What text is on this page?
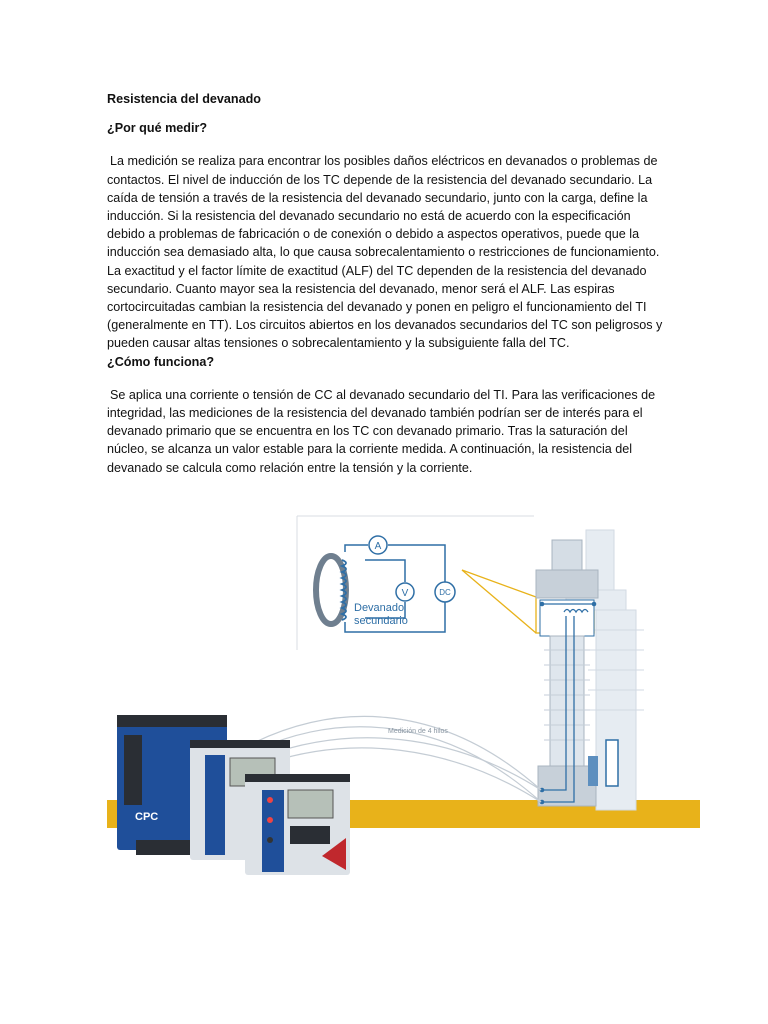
Resistencia del devanado

¿Por qué medir?

La medición se realiza para encontrar los posibles daños eléctricos en devanados o problemas de contactos. El nivel de inducción de los TC depende de la resistencia del devanado secundario. La caída de tensión a través de la resistencia del devanado secundario, junto con la carga, define la inducción. Si la resistencia del devanado secundario no está de acuerdo con la especificación debido a problemas de fabricación o de conexión o debido a aspectos operativos, puede que la inducción sea demasiado alta, lo que causa sobrecalentamiento o restricciones de funcionamiento. La exactitud y el factor límite de exactitud (ALF) del TC dependen de la resistencia del devanado secundario. Cuanto mayor sea la resistencia del devanado, menor será el ALF. Las espiras cortocircuitadas cambian la resistencia del devanado y ponen en peligro el funcionamiento del TI (generalmente en TT). Los circuitos abiertos en los devanados secundarios del TC son peligrosos y pueden causar altas tensiones o sobrecalentamiento y la subsiguiente falla del TC.

¿Cómo funciona?

Se aplica una corriente o tensión de CC al devanado secundario del TI. Para las verificaciones de integridad, las mediciones de la resistencia del devanado también podrían ser de interés para el devanado primario que se encuentra en los TC con devanado primario. Tras la saturación del núcleo, se alcanza un valor estable para la corriente medida. A continuación, la resistencia del devanado se calcula como relación entre la tensión y la corriente.

A
V	DC
Devanado
secundario
Medición de 4 hilos
CPC
